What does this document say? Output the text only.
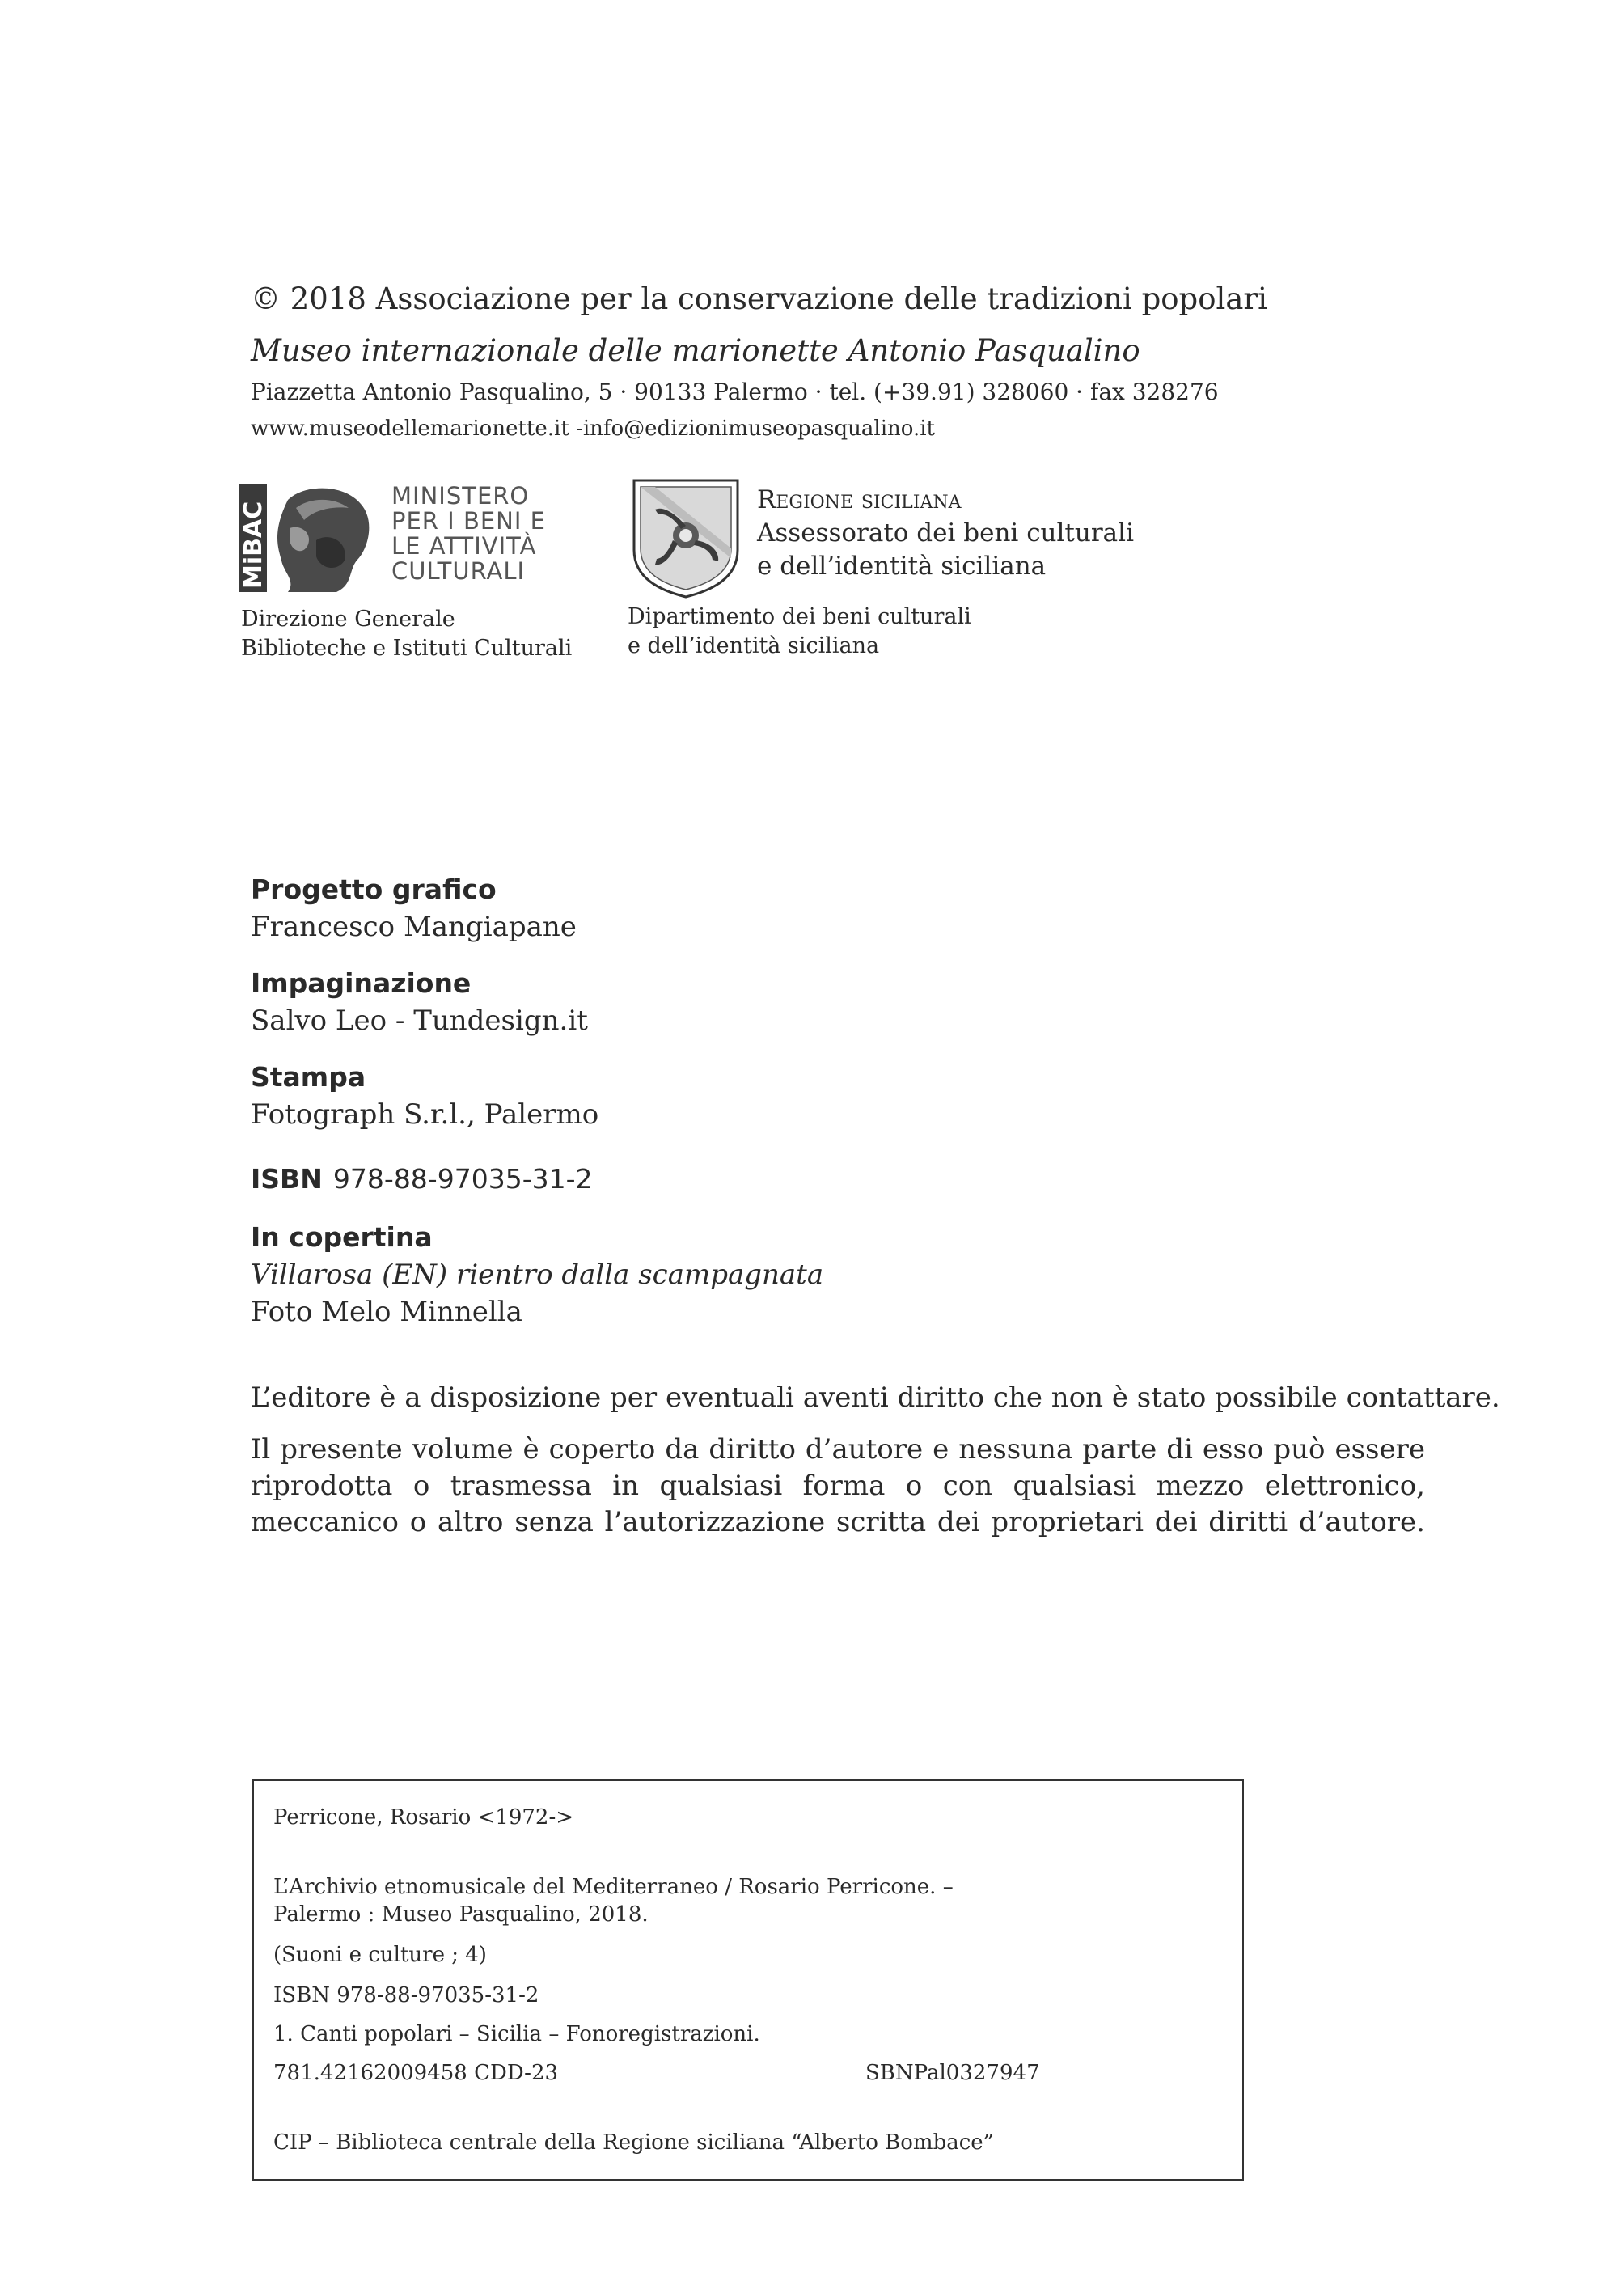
© 2018 Associazione per la conservazione delle tradizioni popolari
Museo internazionale delle marionette Antonio Pasqualino
Piazzetta Antonio Pasqualino, 5 · 90133 Palermo · tel. (+39.91) 328060 · fax 328276
www.museodellemarionette.it -info@edizionimuseopasqualino.it
MiBAC
MINISTERO
PER I BENI E
LE ATTIVITÀ
CULTURALI
Direzione Generale
Biblioteche e Istituti Culturali
Regione siciliana
Assessorato dei beni culturali
e dell’identità siciliana
Dipartimento dei beni culturali
e dell’identità siciliana
Progetto grafico
Francesco Mangiapane
Impaginazione
Salvo Leo - Tundesign.it
Stampa
Fotograph S.r.l., Palermo
ISBN 978-88-97035-31-2
In copertina
Villarosa (EN) rientro dalla scampagnata
Foto Melo Minnella
L’editore è a disposizione per eventuali aventi diritto che non è stato possibile contattare.
Il presente volume è coperto da diritto d’autore e nessuna parte di esso può essere riprodotta o trasmessa in qualsiasi forma o con qualsiasi mezzo elettronico, meccanico o altro senza l’autorizzazione scritta dei proprietari dei diritti d’autore.
Perricone, Rosario <1972->
L’Archivio etnomusicale del Mediterraneo / Rosario Perricone. –
Palermo : Museo Pasqualino, 2018.
(Suoni e culture ; 4)
ISBN 978-88-97035-31-2
1. Canti popolari – Sicilia – Fonoregistrazioni.
781.42162009458 CDD-23	SBNPal0327947
CIP – Biblioteca centrale della Regione siciliana “Alberto Bombace”
